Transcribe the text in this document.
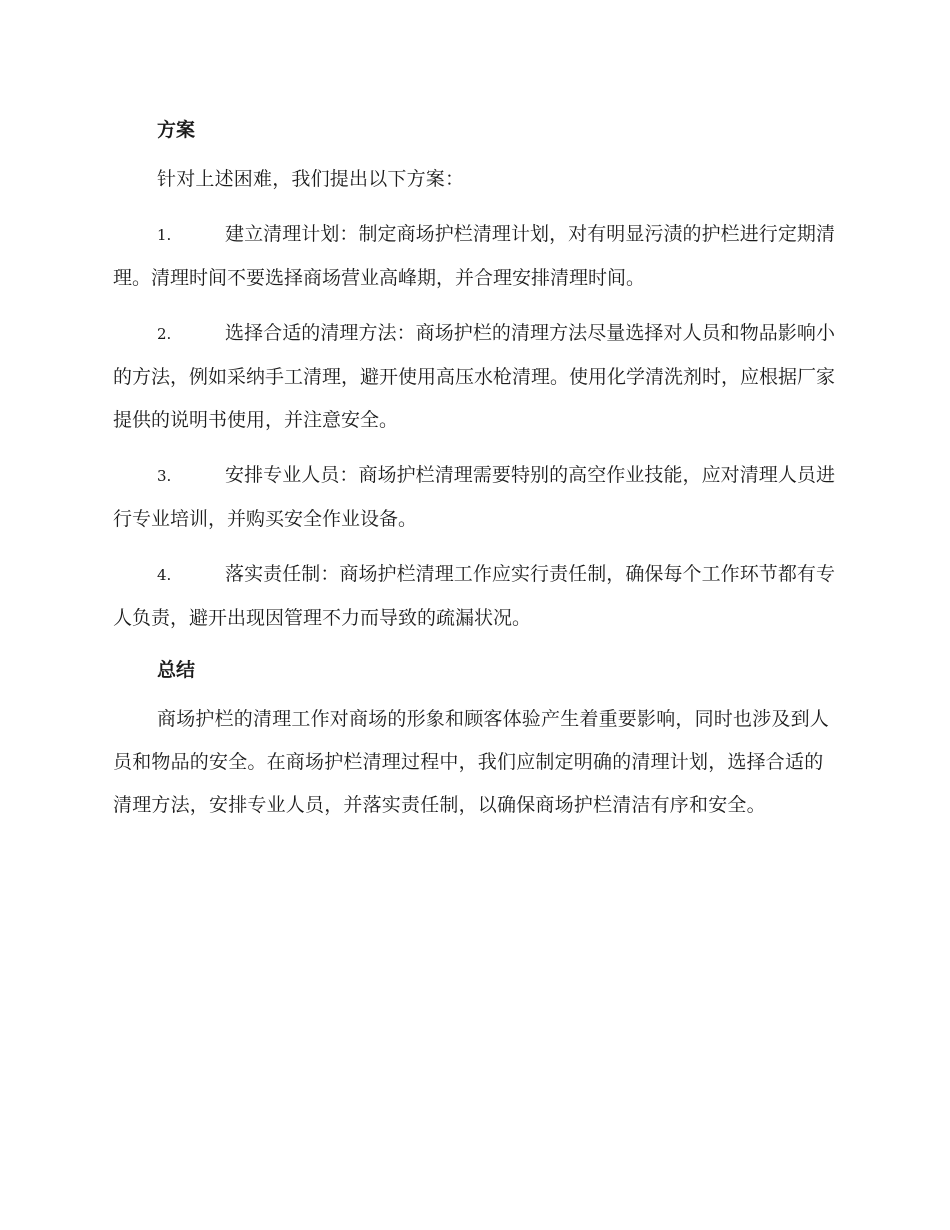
方案

针对上述困难，我们提出以下方案：

1.	建立清理计划：制定商场护栏清理计划，对有明显污渍的护栏进行定期清理。清理时间不要选择商场营业高峰期，并合理安排清理时间。

2.	选择合适的清理方法：商场护栏的清理方法尽量选择对人员和物品影响小的方法，例如采纳手工清理，避开使用高压水枪清理。使用化学清洗剂时，应根据厂家提供的说明书使用，并注意安全。

3.	安排专业人员：商场护栏清理需要特别的高空作业技能，应对清理人员进行专业培训，并购买安全作业设备。

4.	落实责任制：商场护栏清理工作应实行责任制，确保每个工作环节都有专人负责，避开出现因管理不力而导致的疏漏状况。

总结

商场护栏的清理工作对商场的形象和顾客体验产生着重要影响，同时也涉及到人员和物品的安全。在商场护栏清理过程中，我们应制定明确的清理计划，选择合适的清理方法，安排专业人员，并落实责任制，以确保商场护栏清洁有序和安全。
